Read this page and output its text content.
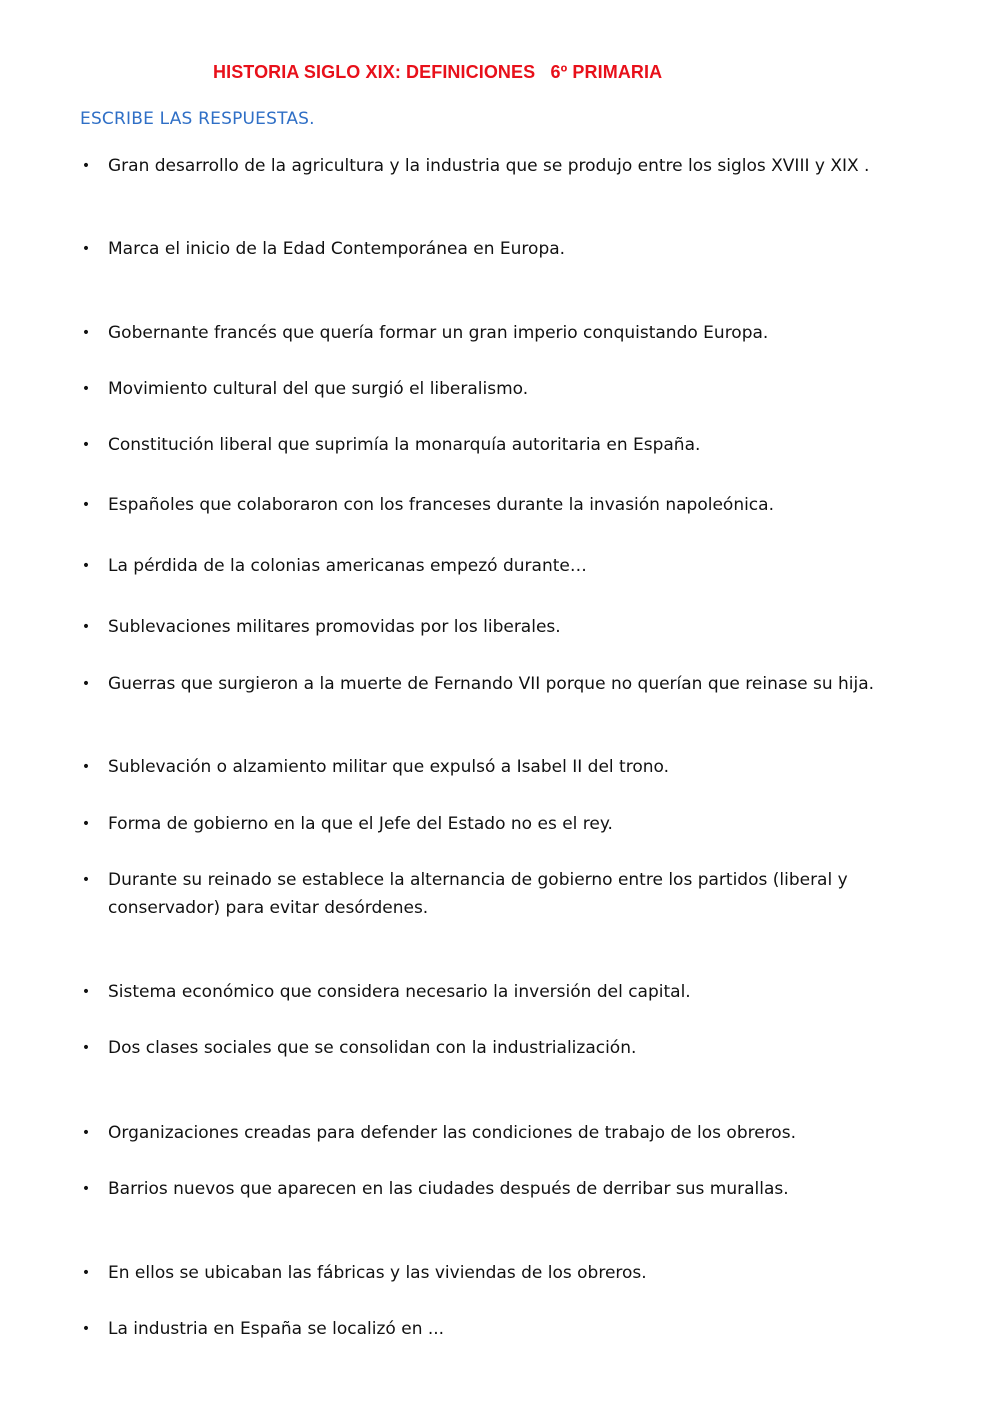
HISTORIA SIGLO XIX: DEFINICIONES   6º PRIMARIA
ESCRIBE LAS RESPUESTAS.
• Gran desarrollo de la agricultura y la industria que se produjo entre los siglos XVIII y XIX .
• Marca el inicio de la Edad Contemporánea en Europa.
• Gobernante francés que quería formar un gran imperio conquistando Europa.
• Movimiento cultural del que surgió el liberalismo.
• Constitución liberal que suprimía la monarquía autoritaria en España.
• Españoles que colaboraron con los franceses durante la invasión napoleónica.
• La pérdida de la colonias americanas empezó durante…
• Sublevaciones militares promovidas por los liberales.
• Guerras que surgieron a la muerte de Fernando VII porque no querían que reinase su hija.
• Sublevación o alzamiento militar que expulsó a Isabel II del trono.
• Forma de gobierno en la que el Jefe del Estado no es el rey.
• Durante su reinado se establece la alternancia de gobierno entre los partidos (liberal y conservador) para evitar desórdenes.
• Sistema económico que considera necesario la inversión del capital.
• Dos clases sociales que se consolidan con la industrialización.
• Organizaciones creadas para defender las condiciones de trabajo de los obreros.
• Barrios nuevos que aparecen en las ciudades después de derribar sus murallas.
• En ellos se ubicaban las fábricas y las viviendas de los obreros.
• La industria en España se localizó en ...
